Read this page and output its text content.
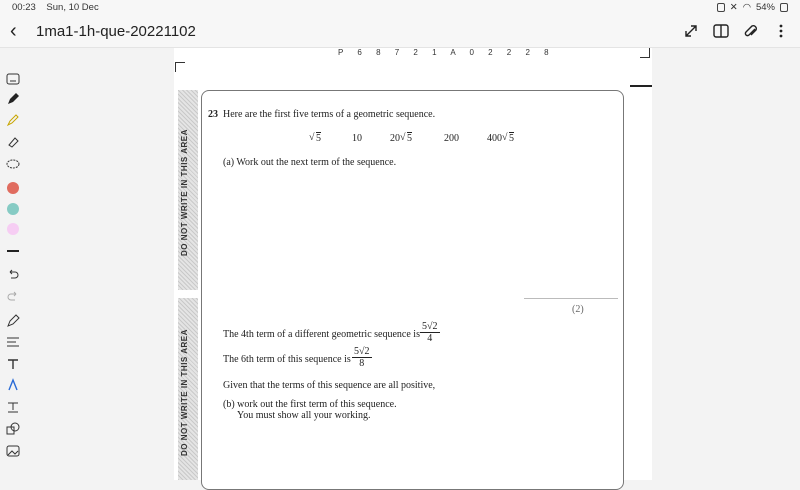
00:23 Sun, 10 Dec	✕ ◠ 54%
‹	1ma1-1h-que-20221102
P 6 8 7 2 1 A 0 2 2 2 8
DO NOT WRITE IN THIS AREA
DO NOT WRITE IN THIS AREA
23 Here are the first five terms of a geometric sequence.
√ 5	10	20 √ 5	200	400 √ 5
(a) Work out the next term of the sequence.
(2)
The 4th term of a different geometric sequence is $\frac{5√2}{4}$
The 6th term of this sequence is $\frac{5√2}{8}$
Given that the terms of this sequence are all positive,
(b) work out the first term of this sequence.
You must show all your working.
